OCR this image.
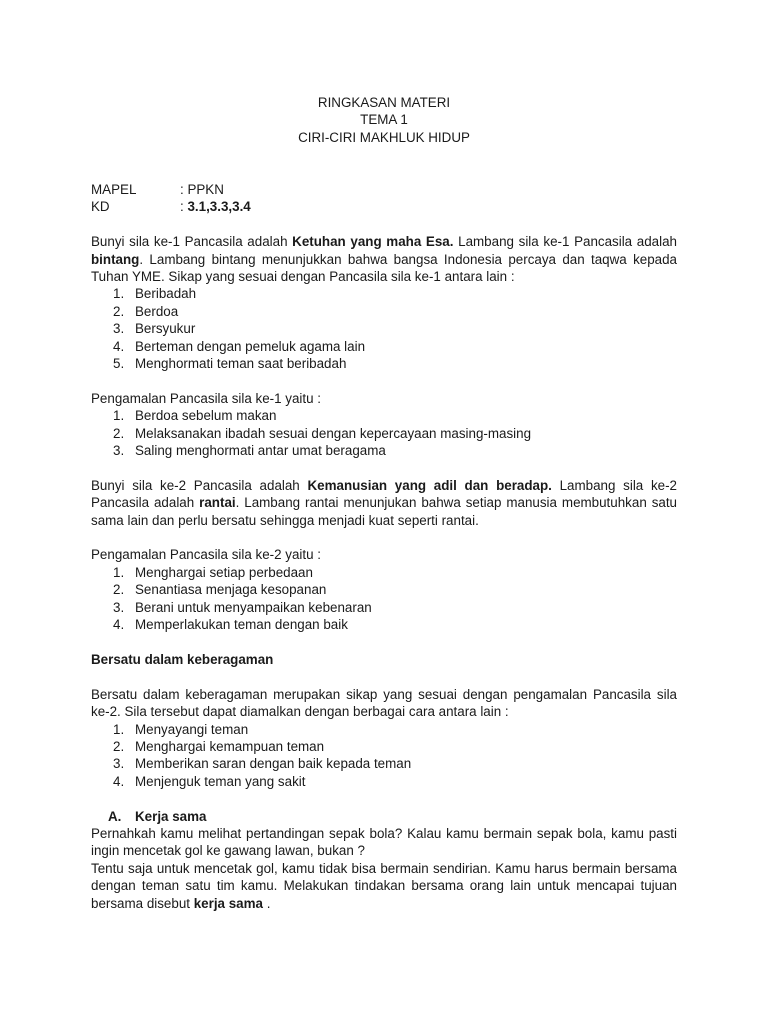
RINGKASAN MATERI
TEMA 1
CIRI-CIRI MAKHLUK HIDUP
MAPEL	: PPKN
KD	: 3.1,3.3,3.4

Bunyi sila ke-1 Pancasila adalah Ketuhan yang maha Esa. Lambang sila ke-1 Pancasila adalah bintang. Lambang bintang menunjukkan bahwa bangsa Indonesia percaya dan taqwa kepada Tuhan YME. Sikap yang sesuai dengan Pancasila sila ke-1 antara lain :

1. Beribadah
2. Berdoa
3. Bersyukur
4. Berteman dengan pemeluk agama lain
5. Menghormati teman saat beribadah

Pengamalan Pancasila sila ke-1 yaitu :

1. Berdoa sebelum makan
2. Melaksanakan ibadah sesuai dengan kepercayaan masing-masing
3. Saling menghormati antar umat beragama

Bunyi sila ke-2 Pancasila adalah Kemanusian yang adil dan beradap. Lambang sila ke-2 Pancasila adalah rantai. Lambang rantai menunjukan bahwa setiap manusia membutuhkan satu sama lain dan perlu bersatu sehingga menjadi kuat seperti rantai.

Pengamalan Pancasila sila ke-2 yaitu :

1. Menghargai setiap perbedaan
2. Senantiasa menjaga kesopanan
3. Berani untuk menyampaikan kebenaran
4. Memperlakukan teman dengan baik

Bersatu dalam keberagaman

Bersatu dalam keberagaman merupakan sikap yang sesuai dengan pengamalan Pancasila sila ke-2. Sila tersebut dapat diamalkan dengan berbagai cara antara lain :

1. Menyayangi teman
2. Menghargai kemampuan teman
3. Memberikan saran dengan baik kepada teman
4. Menjenguk teman yang sakit
A.	Kerja sama

Pernahkah kamu melihat pertandingan sepak bola? Kalau kamu bermain sepak bola, kamu pasti ingin mencetak gol ke gawang lawan, bukan ?

Tentu saja untuk mencetak gol, kamu tidak bisa bermain sendirian. Kamu harus bermain bersama dengan teman satu tim kamu. Melakukan tindakan bersama orang lain untuk mencapai tujuan bersama disebut kerja sama .
